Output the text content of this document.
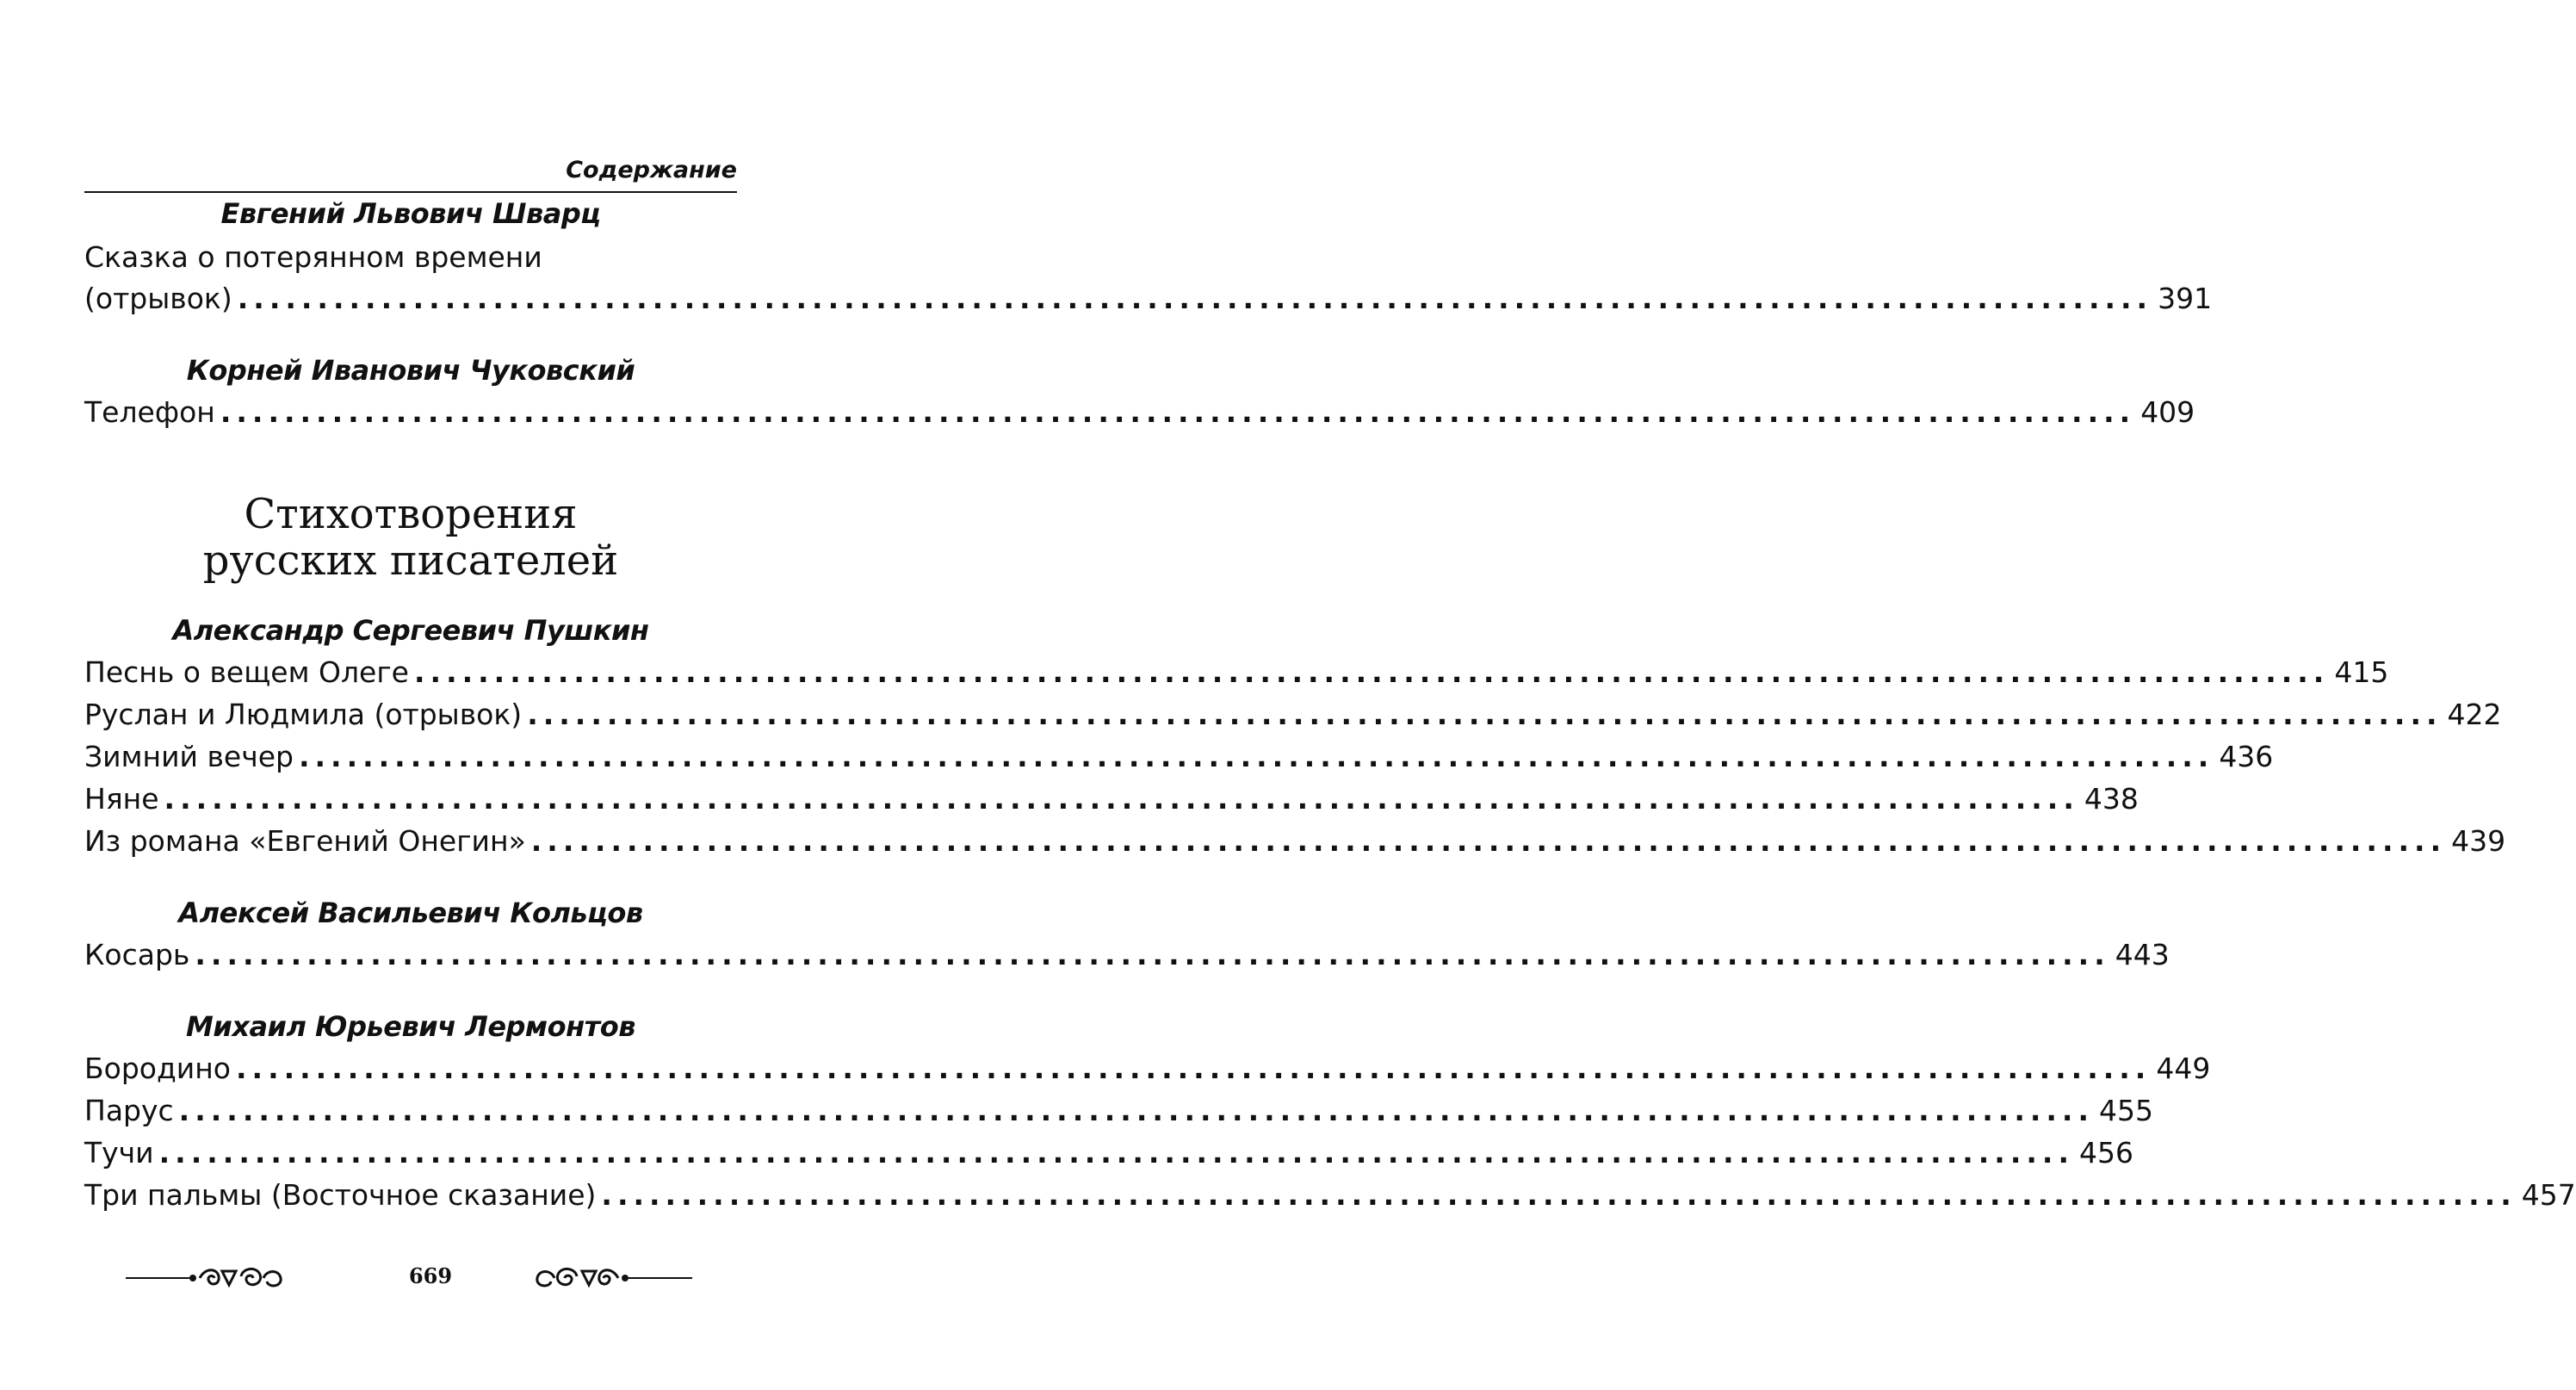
Содержание
Евгений Львович Шварц
Сказка о потерянном времени
(отрывок) ........................................................................................................................ 391
Корней Иванович Чуковский
Телефон ........................................................................................................................ 409
Стихотворения
русских писателей
Александр Сергеевич Пушкин
Песнь о вещем Олеге ........................................................................................................................ 415
Руслан и Людмила (отрывок) ........................................................................................................................ 422
Зимний вечер ........................................................................................................................ 436
Няне ........................................................................................................................ 438
Из романа «Евгений Онегин» ........................................................................................................................ 439
Алексей Васильевич Кольцов
Косарь ........................................................................................................................ 443
Михаил Юрьевич Лермонтов
Бородино ........................................................................................................................ 449
Парус ........................................................................................................................ 455
Тучи ........................................................................................................................ 456
Три пальмы (Восточное сказание) ........................................................................................................................ 457
669
